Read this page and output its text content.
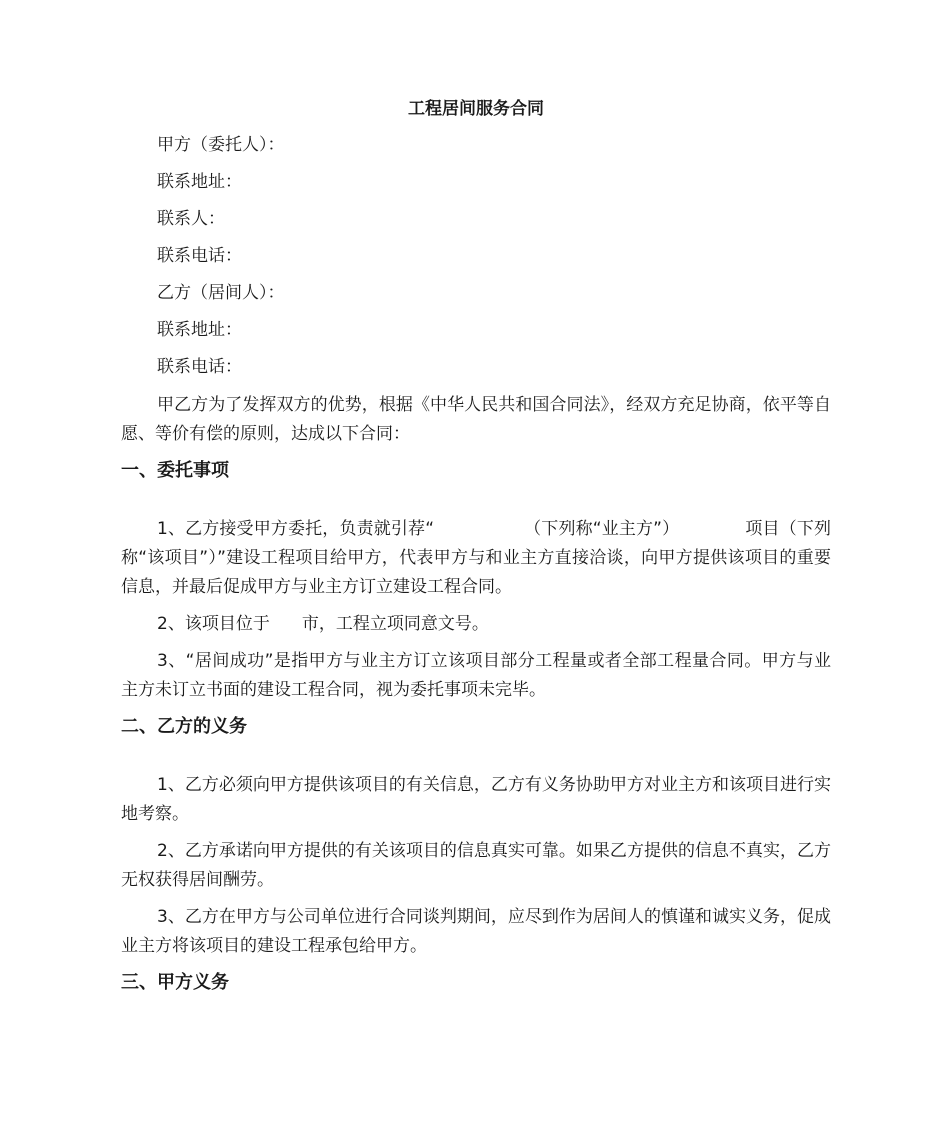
工程居间服务合同
甲方（委托人）：
联系地址：
联系人：
联系电话：
乙方（居间人）：
联系地址：
联系电话：
甲乙方为了发挥双方的优势，根据《中华人民共和国合同法》，经双方充足协商，依平等自愿、等价有偿的原则，达成以下合同：
一、委托事项
1、乙方接受甲方委托，负责就引荐“	（下列称“业主方”）	项目（下列称“该项目”）”建设工程项目给甲方，代表甲方与和业主方直接洽谈，向甲方提供该项目的重要信息，并最后促成甲方与业主方订立建设工程合同。
2、该项目位于 市，工程立项同意文号。
3、“居间成功”是指甲方与业主方订立该项目部分工程量或者全部工程量合同。甲方与业主方未订立书面的建设工程合同，视为委托事项未完毕。
二、乙方的义务
1、乙方必须向甲方提供该项目的有关信息，乙方有义务协助甲方对业主方和该项目进行实地考察。
2、乙方承诺向甲方提供的有关该项目的信息真实可靠。如果乙方提供的信息不真实，乙方无权获得居间酬劳。
3、乙方在甲方与公司单位进行合同谈判期间，应尽到作为居间人的慎谨和诚实义务，促成业主方将该项目的建设工程承包给甲方。
三、甲方义务
